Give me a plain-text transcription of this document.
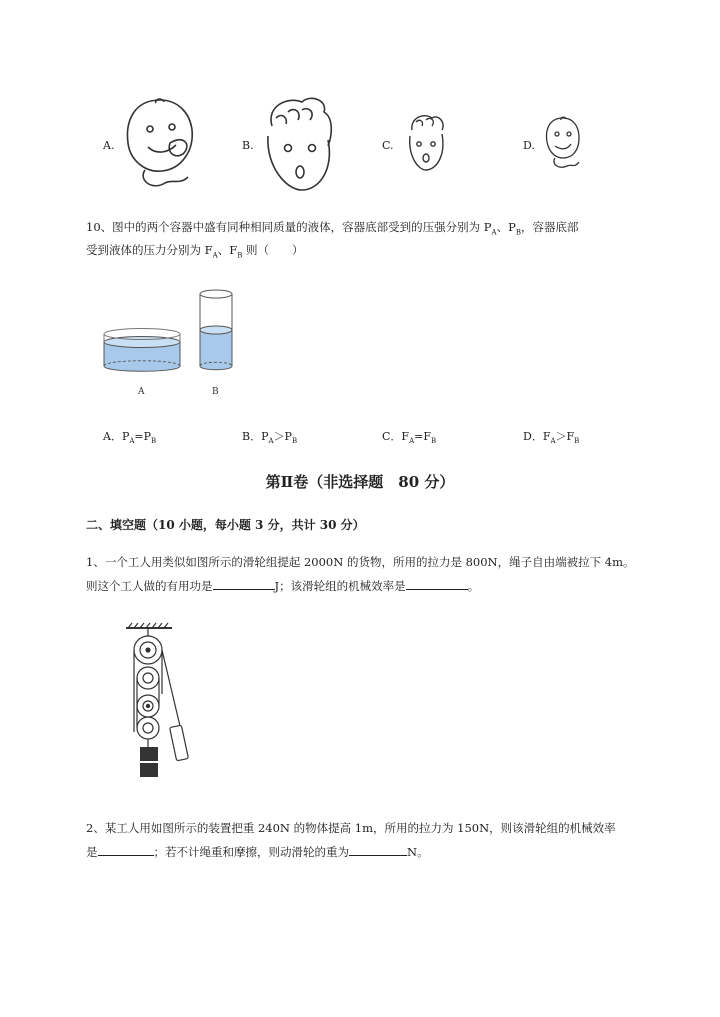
A.	B.	C.	D.
10、图中的两个容器中盛有同种相同质量的液体，容器底部受到的压强分别为 $P_A$、$P_B$，容器底部
受到液体的压力分别为 $F_A$、$F_B$ 则（　　）
A	B
A．$P_A=P_B$	B．$P_A>P_B$	C．$F_A=F_B$	D．$F_A>F_B$
第Ⅱ卷（非选择题　80 分）
二、填空题（10 小题，每小题 3 分，共计 30 分）
1、一个工人用类似如图所示的滑轮组提起 2000N 的货物，所用的拉力是 800N，绳子自由端被拉下 4m。
则这个工人做的有用功是	J；该滑轮组的机械效率是	。
2、某工人用如图所示的装置把重 240N 的物体提高 1m，所用的拉力为 150N，则该滑轮组的机械效率
是	；若不计绳重和摩擦，则动滑轮的重为	N。
